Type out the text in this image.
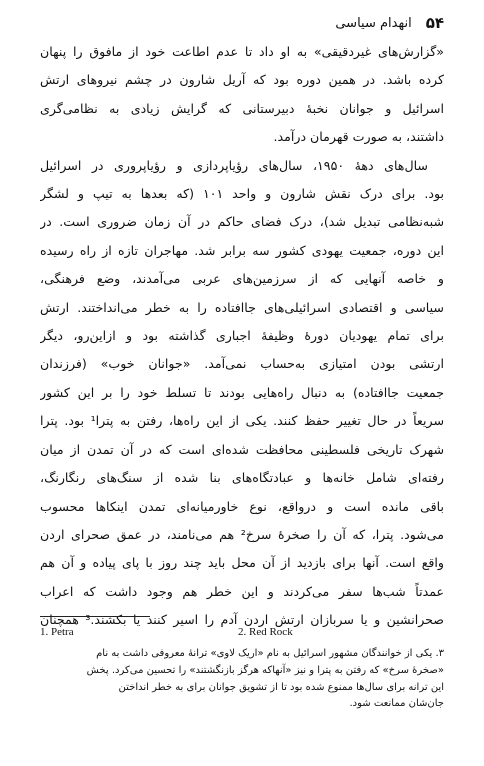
۵۴
انهدام سیاسی
«گزارش‌های غیردقیقی» به او داد تا عدم اطاعت خود از مافوق را پنهان
کرده باشد. در همین دوره بود که آریل شارون در چشم نیروهای ارتش
اسرائیل و جوانان نخبهٔ دبیرستانی که گرایش زیادی به نظامی‌گری
داشتند، به صورت قهرمان درآمد.
سال‌های دههٔ ۱۹۵۰، سال‌های رؤیاپردازی و رؤیاپروری در اسرائیل
بود. برای درک نقش شارون و واحد ۱۰۱ (که بعدها به تیپ و لشگر
شبه‌نظامی تبدیل شد)، درک فضای حاکم در آن زمان ضروری است. در
این دوره، جمعیت یهودی کشور سه برابر شد. مهاجران تازه از راه رسیده
و خاصه آنهایی که از سرزمین‌های عربی می‌آمدند، وضع فرهنگی،
سیاسی و اقتصادی اسرائیلی‌های جاافتاده را به خطر می‌انداختند. ارتش
برای تمام یهودیان دورهٔ وظیفهٔ اجباری گذاشته بود و ازاین‌رو، دیگر
ارتشی بودن امتیازی به‌حساب نمی‌آمد. «جوانان خوب» (فرزندان
جمعیت جاافتاده) به دنبال راه‌هایی بودند تا تسلط خود را بر این کشور
سریعاً در حال تغییر حفظ کنند. یکی از این راه‌ها، رفتن به پترا¹ بود. پترا
شهرک تاریخی فلسطینی محافظت شده‌ای است که در آن تمدن از میان
رفته‌ای شامل خانه‌ها و عبادتگاه‌های بنا شده از سنگ‌های رنگارنگ،
باقی مانده است و درواقع، نوع خاورمیانه‌ای تمدن اینکاها محسوب
می‌شود. پترا، که آن را صخرهٔ سرخ² هم می‌نامند، در عمق صحرای اردن
واقع است. آنها برای بازدید از آن محل باید چند روز با پای پیاده و آن هم
عمدتاً شب‌ها سفر می‌کردند و این خطر هم وجود داشت که اعراب
صحرانشین و یا سربازان ارتش اردن آدم را اسیر کنند یا بکشند.³ همچنان
1. Petra	2. Red Rock
۳. یکی از خوانندگان مشهور اسرائیل به نام «اریک لاوی» ترانهٔ معروفی داشت به نام
«صخرهٔ سرخ» که رفتن به پترا و نیز «آنهاکه هرگز بازنگشتند» را تحسین می‌کرد. پخش
این ترانه برای سال‌ها ممنوع شده بود تا از تشویق جوانان برای به خطر انداختن
جان‌شان ممانعت شود.
